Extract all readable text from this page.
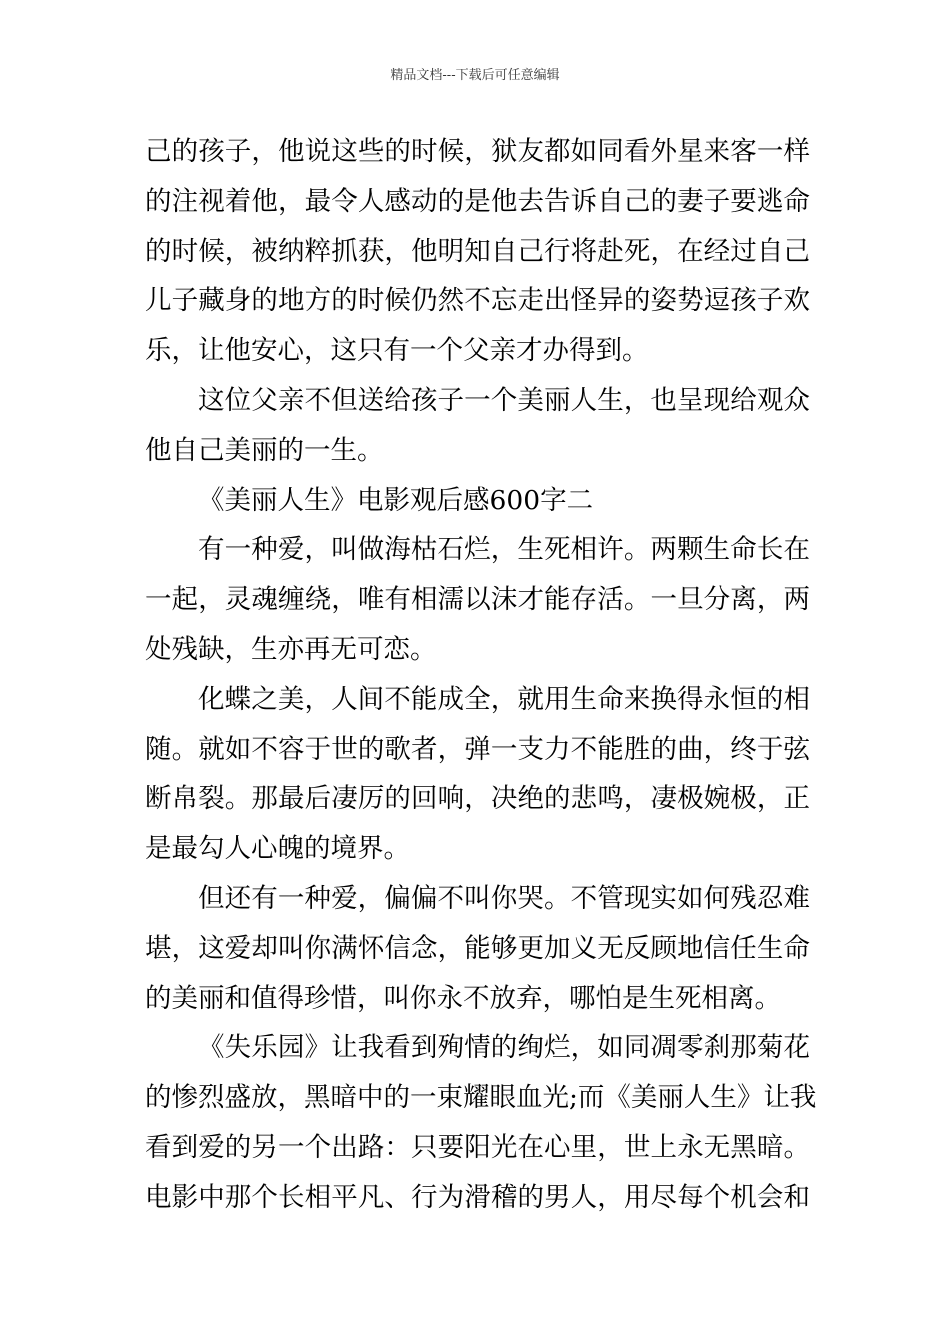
精品文档---下载后可任意编辑
己的孩子，他说这些的时候，狱友都如同看外星来客一样
的注视着他，最令人感动的是他去告诉自己的妻子要逃命
的时候，被纳粹抓获，他明知自己行将赴死，在经过自己
儿子藏身的地方的时候仍然不忘走出怪异的姿势逗孩子欢
乐，让他安心，这只有一个父亲才办得到。
这位父亲不但送给孩子一个美丽人生，也呈现给观众
他自己美丽的一生。
《美丽人生》电影观后感600字二
有一种爱，叫做海枯石烂，生死相许。两颗生命长在
一起，灵魂缠绕，唯有相濡以沫才能存活。一旦分离，两
处残缺，生亦再无可恋。
化蝶之美，人间不能成全，就用生命来换得永恒的相
随。就如不容于世的歌者，弹一支力不能胜的曲，终于弦
断帛裂。那最后凄厉的回响，决绝的悲鸣，凄极婉极，正
是最勾人心魄的境界。
但还有一种爱，偏偏不叫你哭。不管现实如何残忍难
堪，这爱却叫你满怀信念，能够更加义无反顾地信任生命
的美丽和值得珍惜，叫你永不放弃，哪怕是生死相离。
《失乐园》让我看到殉情的绚烂，如同凋零刹那菊花
的惨烈盛放，黑暗中的一束耀眼血光;而《美丽人生》让我
看到爱的另一个出路：只要阳光在心里，世上永无黑暗。
电影中那个长相平凡、行为滑稽的男人，用尽每个机会和
